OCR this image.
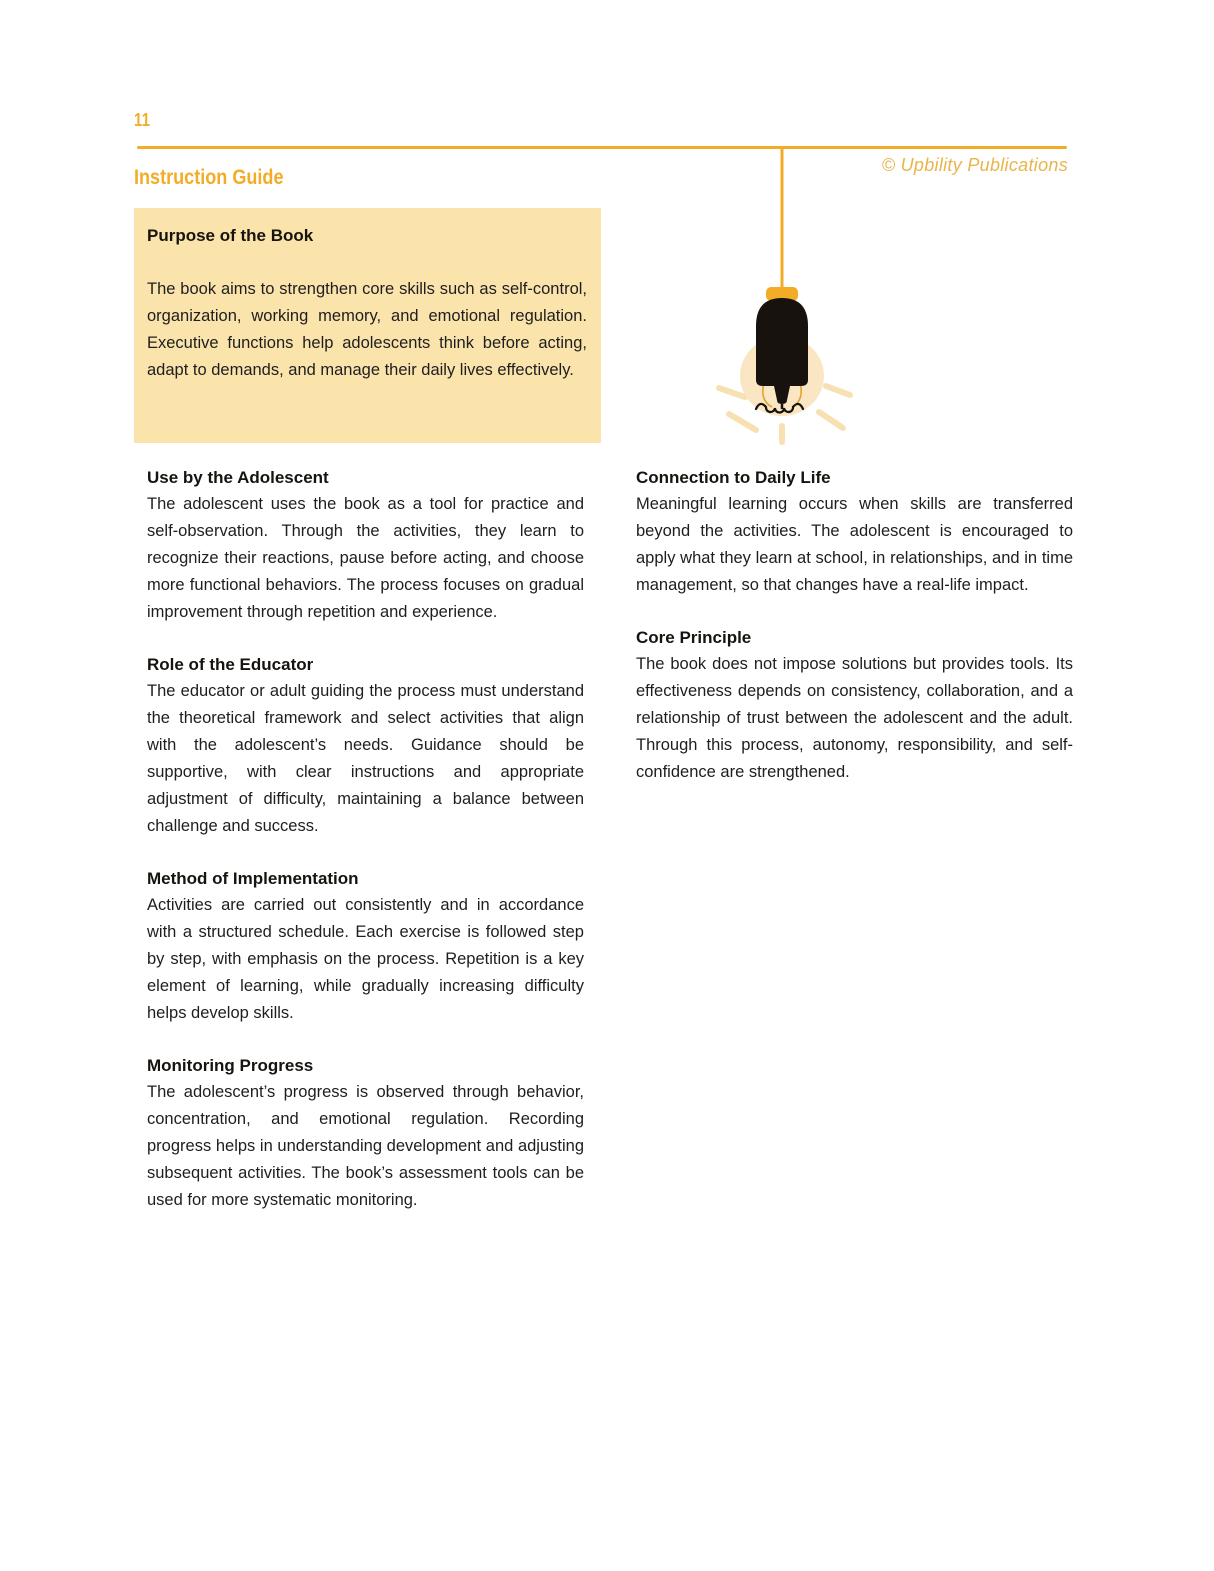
11
© Upbility Publications
Instruction Guide
Purpose of the Book

The book aims to strengthen core skills such as self-control, organization, working memory, and emotional regulation. Executive functions help adolescents think before acting, adapt to demands, and manage their daily lives effectively.

Use by the Adolescent

The adolescent uses the book as a tool for practice and self-observation. Through the activities, they learn to recognize their reactions, pause before acting, and choose more functional behaviors. The process focuses on gradual improvement through repetition and experience.

Role of the Educator

The educator or adult guiding the process must understand the theoretical framework and select activities that align with the adolescent’s needs. Guidance should be supportive, with clear instructions and appropriate adjustment of difficulty, maintaining a balance between challenge and success.

Method of Implementation

Activities are carried out consistently and in accordance with a structured schedule. Each exercise is followed step by step, with emphasis on the process. Repetition is a key element of learning, while gradually increasing difficulty helps develop skills.

Monitoring Progress

The adolescent’s progress is observed through behavior, concentration, and emotional regulation. Recording progress helps in understanding development and adjusting subsequent activities. The book’s assessment tools can be used for more systematic monitoring.

Connection to Daily Life

Meaningful learning occurs when skills are transferred beyond the activities. The adolescent is encouraged to apply what they learn at school, in relationships, and in time management, so that changes have a real-life impact.

Core Principle

The book does not impose solutions but provides tools. Its effectiveness depends on consistency, collaboration, and a relationship of trust between the adolescent and the adult. Through this process, autonomy, responsibility, and self-confidence are strengthened.
